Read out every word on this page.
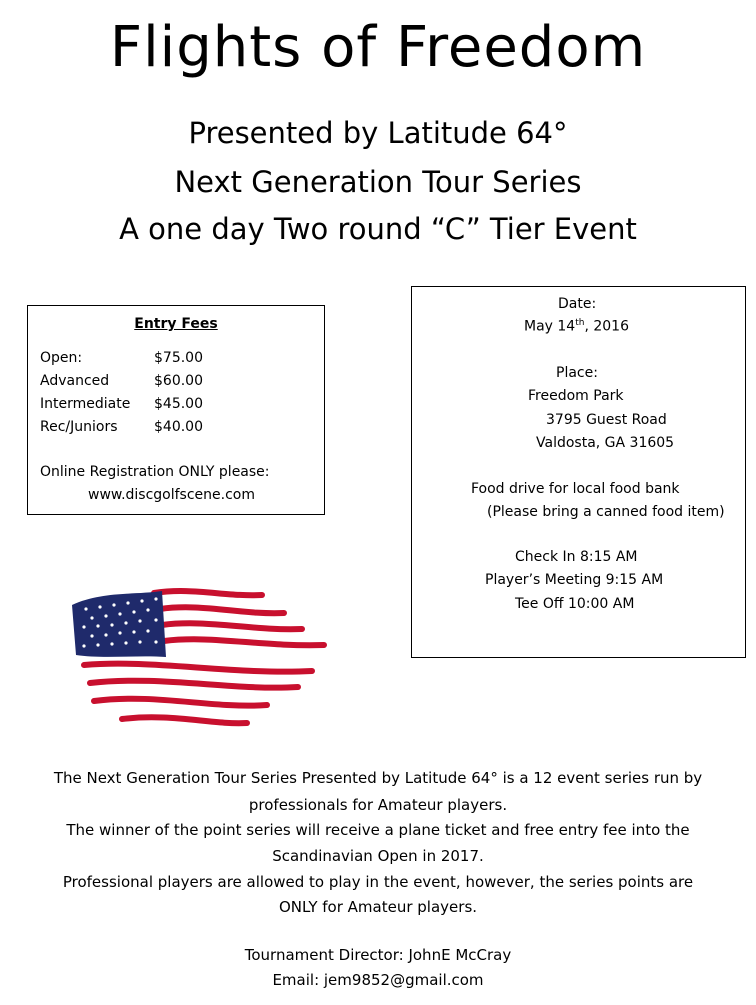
Flights of Freedom
Presented by Latitude 64°
Next Generation Tour Series
A one day Two round “C” Tier Event
Entry Fees
Open:	$75.00
Advanced	$60.00
Intermediate $45.00
Rec/Juniors	$40.00
Online Registration ONLY please:
www.discgolfscene.com
Date:
May 14th, 2016
Place:
Freedom Park
3795 Guest Road
Valdosta, GA 31605
Food drive for local food bank
(Please bring a canned food item)
Check In 8:15 AM
Player’s Meeting 9:15 AM
Tee Off 10:00 AM
The Next Generation Tour Series Presented by Latitude 64° is a 12 event series run by
professionals for Amateur players.
The winner of the point series will receive a plane ticket and free entry fee into the
Scandinavian Open in 2017.
Professional players are allowed to play in the event, however, the series points are
ONLY for Amateur players.
Tournament Director: JohnE McCray
Email: jem9852@gmail.com
